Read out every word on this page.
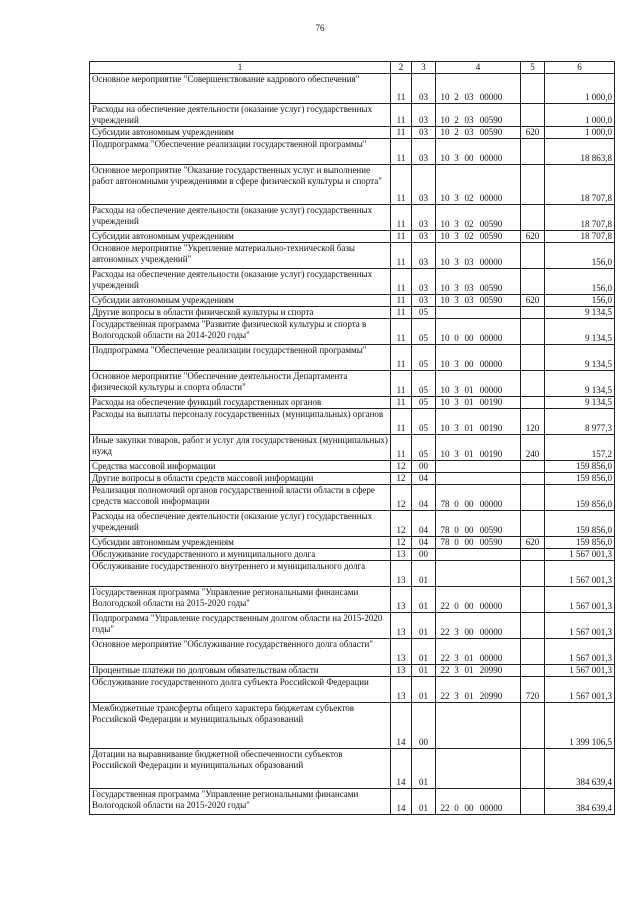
76
1	2	3	4	5	6

Основное мероприятие "Совершенствование кадрового обеспечения"	11	03	10 2 03 00000		1 000,0

Расходы на обеспечение деятельности (оказание услуг) государственных учреждений	11	03	10 2 03 00590		1 000,0

Субсидии автономным учреждениям	11	03	10 2 03 00590	620	1 000,0

Подпрограмма "Обеспечение реализации государственной программы"	11	03	10 3 00 00000		18 863,8

Основное мероприятие "Оказание государственных услуг и выполнение работ автономными учреждениями в сфере физической культуры и спорта"	11	03	10 3 02 00000		18 707,8

Расходы на обеспечение деятельности (оказание услуг) государственных учреждений	11	03	10 3 02 00590		18 707,8

Субсидии автономным учреждениям	11	03	10 3 02 00590	620	18 707,8

Основное мероприятие "Укрепление материально-технической базы автономных учреждений"	11	03	10 3 03 00000		156,0

Расходы на обеспечение деятельности (оказание услуг) государственных учреждений	11	03	10 3 03 00590		156,0

Субсидии автономным учреждениям	11	03	10 3 03 00590	620	156,0

Другие вопросы в области физической культуры и спорта	11	05			9 134,5

Государственная программа "Развитие физической культуры и спорта в Вологодской области на 2014-2020 годы"	11	05	10 0 00 00000		9 134,5

Подпрограмма "Обеспечение реализации государственной программы"	11	05	10 3 00 00000		9 134,5

Основное мероприятие "Обеспечение деятельности Департамента физической культуры и спорта области"	11	05	10 3 01 00000		9 134,5

Расходы на обеспечение функций государственных органов	11	05	10 3 01 00190		9 134,5

Расходы на выплаты персоналу государственных (муниципальных) органов	11	05	10 3 01 00190	120	8 977,3

Иные закупки товаров, работ и услуг для государственных (муниципальных) нужд	11	05	10 3 01 00190	240	157,2

Средства массовой информации	12	00			159 856,0

Другие вопросы в области средств массовой информации	12	04			159 856,0

Реализация полномочий органов государственной власти области в сфере средств массовой информации	12	04	78 0 00 00000		159 856,0

Расходы на обеспечение деятельности (оказание услуг) государственных учреждений	12	04	78 0 00 00590		159 856,0

Субсидии автономным учреждениям	12	04	78 0 00 00590	620	159 856,0

Обслуживание государственного и муниципального долга	13	00			1 567 001,3

Обслуживание государственного внутреннего и муниципального долга	13	01			1 567 001,3

Государственная программа "Управление региональными финансами Вологодской области на 2015-2020 годы"	13	01	22 0 00 00000		1 567 001,3

Подпрограмма "Управление государственным долгом области на 2015-2020 годы"	13	01	22 3 00 00000		1 567 001,3

Основное мероприятие "Обслуживание государственного долга области"	13	01	22 3 01 00000		1 567 001,3

Процентные платежи по долговым обязательствам области	13	01	22 3 01 20990		1 567 001,3

Обслуживание государственного долга субъекта Российской Федерации	13	01	22 3 01 20990	720	1 567 001,3

Межбюджетные трансферты общего характера бюджетам субъектов Российской Федерации и муниципальных образований	14	00			1 399 106,5

Дотации на выравнивание бюджетной обеспеченности субъектов Российской Федерации и муниципальных образований	14	01			384 639,4

Государственная программа "Управление региональными финансами Вологодской области на 2015-2020 годы"	14	01	22 0 00 00000		384 639,4
